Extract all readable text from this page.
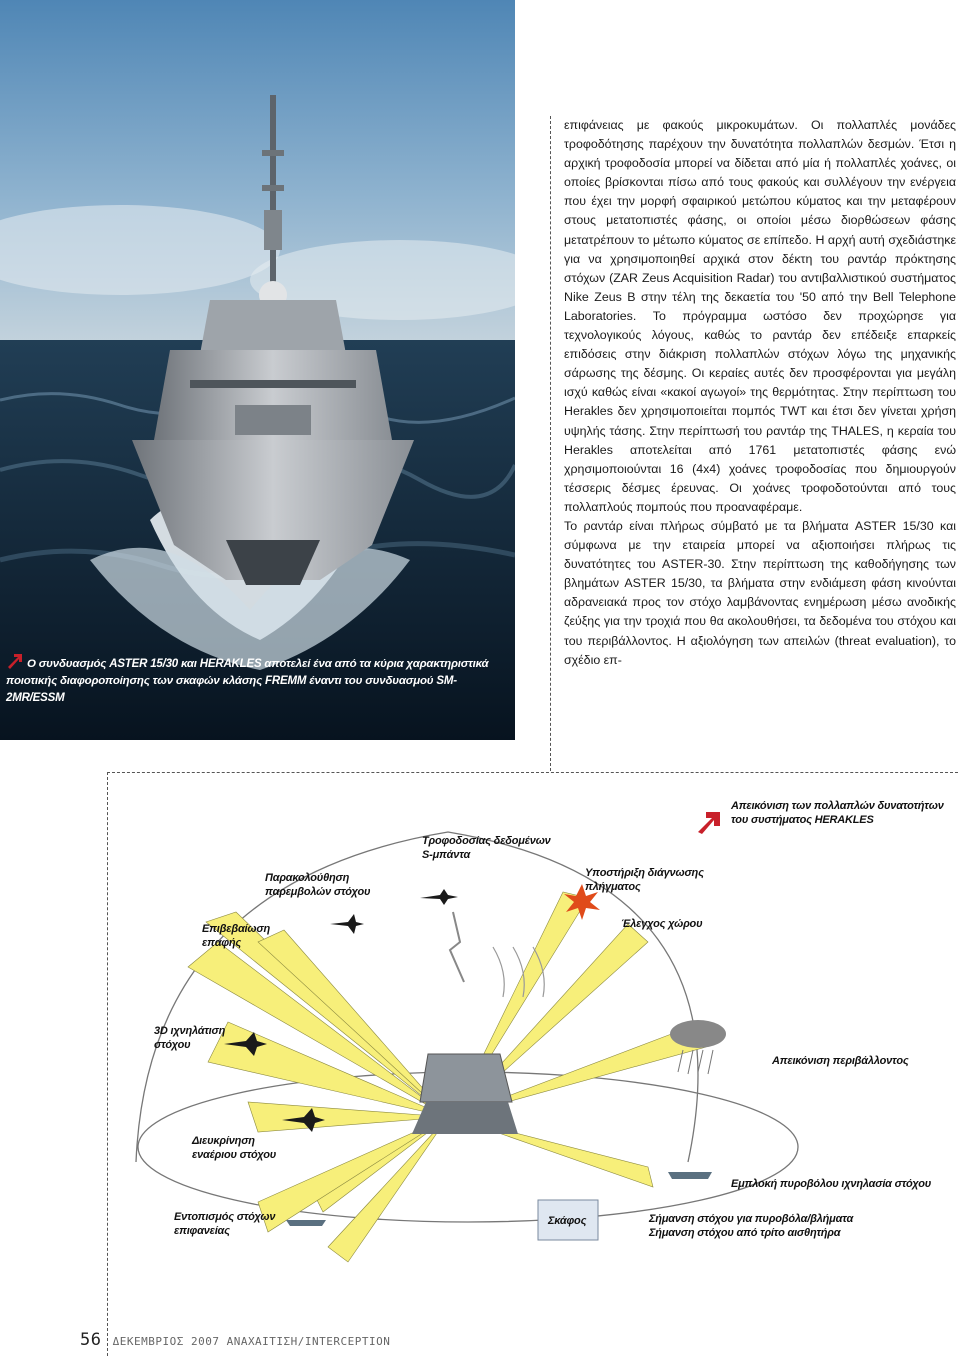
Ο συνδυασμός ASTER 15/30 και HERAKLES αποτελεί ένα από τα κύρια χαρακτηριστικά ποιοτικής διαφοροποίησης των σκαφών κλάσης FREMM έναντι του συνδυασμού SM-2MR/ESSM

επιφάνειας με φακούς μικροκυμάτων. Οι πολλαπλές μονάδες τροφοδότησης παρέχουν την δυνατότητα πολλαπλών δεσμών. Έτσι η αρχική τροφοδοσία μπορεί να δίδεται από μία ή πολλαπλές χοάνες, οι οποίες βρίσκονται πίσω από τους φακούς και συλλέγουν την ενέργεια που έχει την μορφή σφαιρικού μετώπου κύματος και την μεταφέρουν στους μετατοπιστές φάσης, οι οποίοι μέσω διορθώσεων φάσης μετατρέπουν το μέτωπο κύματος σε επίπεδο. Η αρχή αυτή σχεδιάστηκε για να χρησιμοποιηθεί αρχικά στον δέκτη του ραντάρ πρόκτησης στόχων (ZAR Zeus Acquisition Radar) του αντιβαλλιστικού συστήματος Nike Zeus B στην τέλη της δεκαετία του '50 από την Bell Telephone Laboratories. Το πρόγραμμα ωστόσο δεν προχώρησε για τεχνολογικούς λόγους, καθώς το ραντάρ δεν επέδειξε επαρκείς επιδόσεις στην διάκριση πολλαπλών στόχων λόγω της μηχανικής σάρωσης της δέσμης. Οι κεραίες αυτές δεν προσφέρονται για μεγάλη ισχύ καθώς είναι «κακοί αγωγοί» της θερμότητας. Στην περίπτωση του Herakles δεν χρησιμοποιείται πομπός TWT και έτσι δεν γίνεται χρήση υψηλής τάσης. Στην περίπτωσή του ραντάρ της THALES, η κεραία του Herakles αποτελείται από 1761 μετατοπιστές φάσης ενώ χρησιμοποιούνται 16 (4x4) χοάνες τροφοδοσίας που δημιουργούν τέσσερις δέσμες έρευνας. Οι χοάνες τροφοδοτούνται από τους πολλαπλούς πομπούς που προαναφέραμε.

Το ραντάρ είναι πλήρως σύμβατό με τα βλήματα ASTER 15/30 και σύμφωνα με την εταιρεία μπορεί να αξιοποιήσει πλήρως τις δυνατότητες του ASTER-30. Στην περίπτωση της καθοδήγησης των βλημάτων ASTER 15/30, τα βλήματα στην ενδιάμεση φάση κινούνται αδρανειακά προς τον στόχο λαμβάνοντας ενημέρωση μέσω ανοδικής ζεύξης για την τροχιά που θα ακολουθήσει, τα δεδομένα του στόχου και του περιβάλλοντος. Η αξιολόγηση των απειλών (threat evaluation), το σχέδιο επ-

Απεικόνιση των πολλαπλών δυνατοτήτων
του συστήματος HERAKLES
Τροφοδοσίας δεδομένων
S-μπάντα
Παρακολούθηση
παρεμβολών στόχου
Υποστήριξη διάγνωσης
πλήγματος
Έλεγχος χώρου
Επιβεβαίωση
επαφής
3D ιχνηλάτιση
στόχου
Απεικόνιση περιβάλλοντος
Διευκρίνηση
εναέριου στόχου
Εμπλοκή πυροβόλου ιχνηλασία στόχου
Εντοπισμός στόχων
επιφανείας
Σκάφος	Σήμανση στόχου για πυροβόλα/βλήματα
Σήμανση στόχου από τρίτο αισθητήρα
56 ΔΕΚΕΜΒΡΙΟΣ 2007 ΑΝΑΧΑΙΤΙΣΗ/INTERCEPTION
